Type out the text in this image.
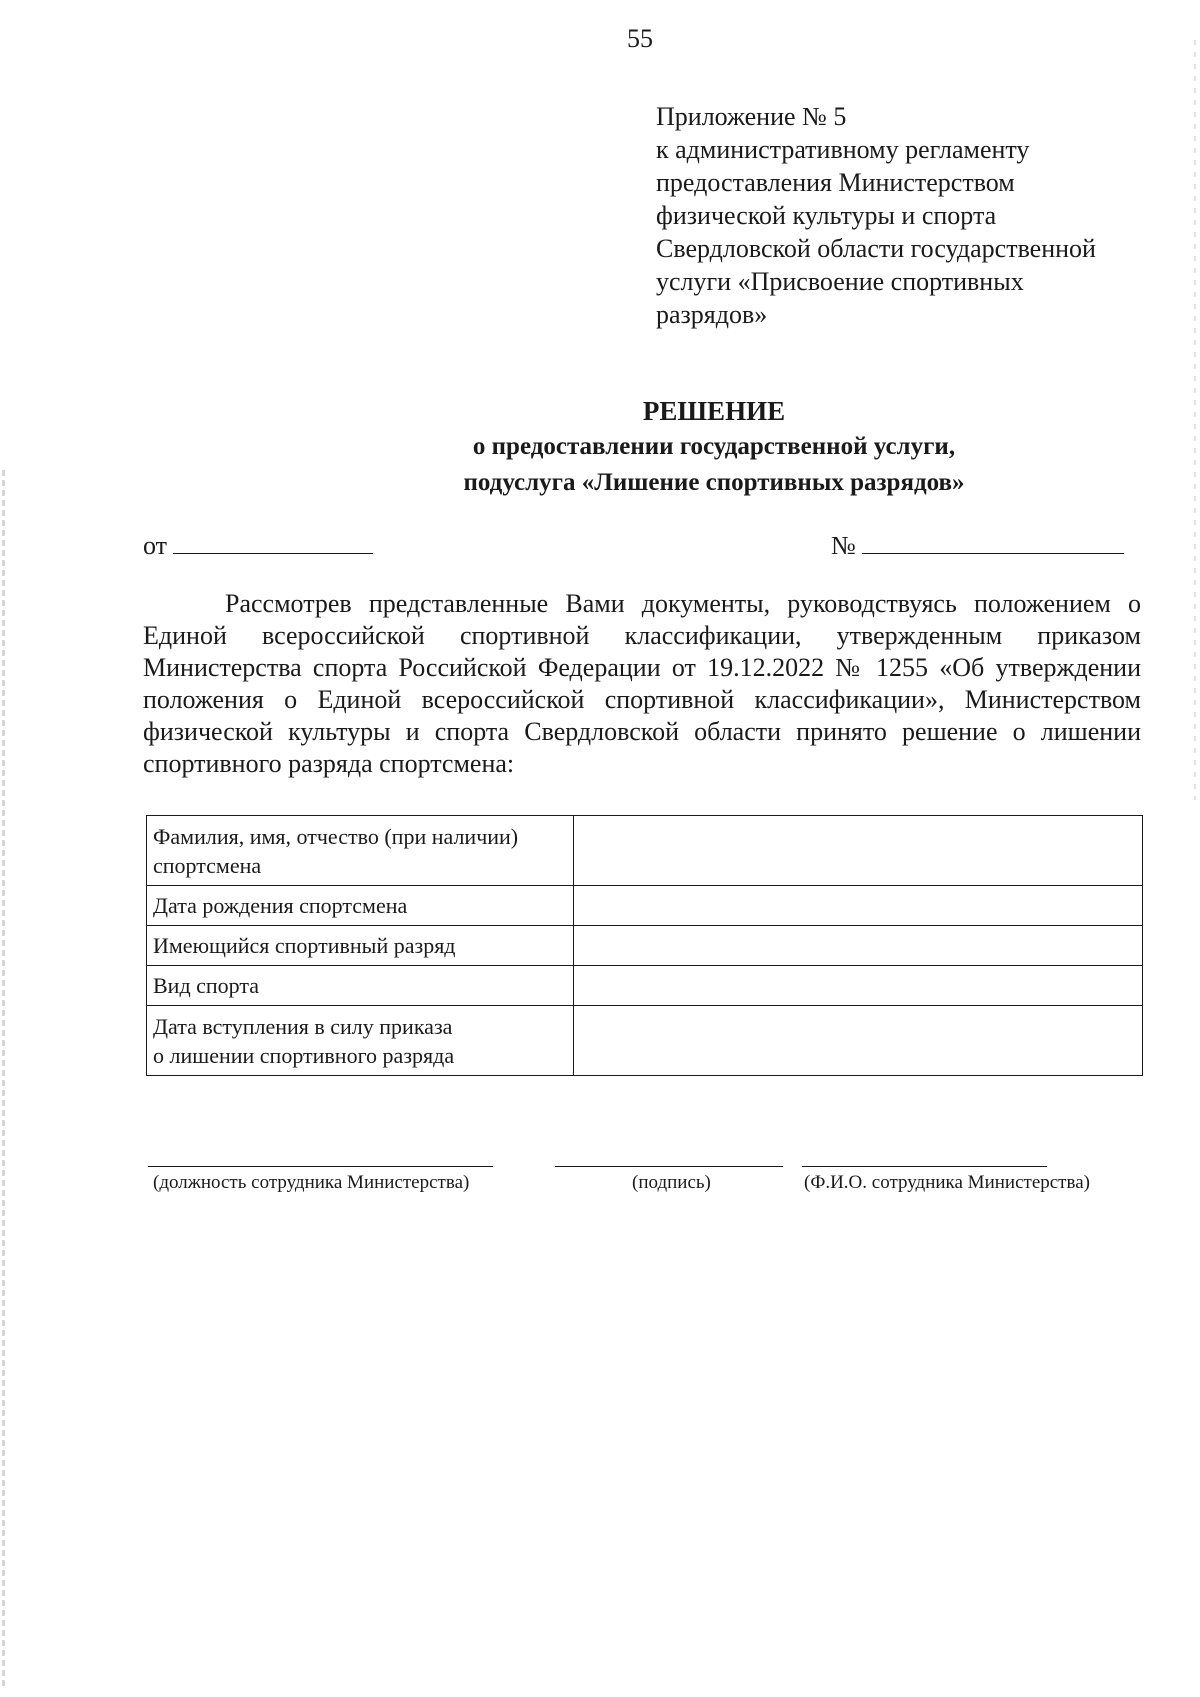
55
Приложение № 5
к административному регламенту
предоставления Министерством
физической культуры и спорта
Свердловской области государственной
услуги «Присвоение спортивных
разрядов»
РЕШЕНИЕ
о предоставлении государственной услуги,
подуслуга «Лишение спортивных разрядов»
от	№
Рассмотрев представленные Вами документы, руководствуясь положением о Единой всероссийской спортивной классификации, утвержденным приказом Министерства спорта Российской Федерации от 19.12.2022 № 1255 «Об утверждении положения о Единой всероссийской спортивной классификации», Министерством физической культуры и спорта Свердловской области принято решение о лишении спортивного разряда спортсмена:
Фамилия, имя, отчество (при наличии)
спортсмена	

Дата рождения спортсмена	

Имеющийся спортивный разряд	

Вид спорта	

Дата вступления в силу приказа
о лишении спортивного разряда	

(должность сотрудника Министерства)	(подпись)	(Ф.И.О. сотрудника Министерства)
